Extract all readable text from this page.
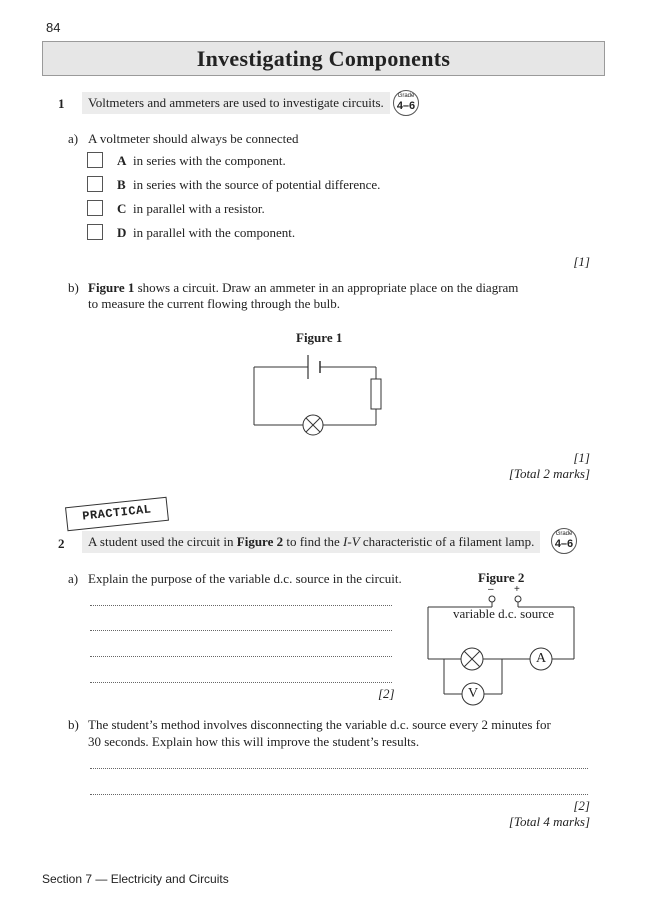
84
Investigating Components
1	Voltmeters and ammeters are used to investigate circuits.	Grade
4–6
a) A voltmeter should always be connected
A in series with the component.
B in series with the source of potential difference.
C in parallel with a resistor.
D in parallel with the component.
[1]
b) Figure 1 shows a circuit. Draw an ammeter in an appropriate place on the diagram
to measure the current flowing through the bulb.
Figure 1
[1]
[Total 2 marks]
PRACTICAL
2	A student used the circuit in Figure 2 to find the I-V characteristic of a filament lamp.	Grade
4–6
a) Explain the purpose of the variable d.c. source in the circuit.
[2]
Figure 2
– +
variable d.c. source
A
V
b) The student’s method involves disconnecting the variable d.c. source every 2 minutes for
30 seconds. Explain how this will improve the student’s results.
[2]
[Total 4 marks]
Section 7 — Electricity and Circuits
